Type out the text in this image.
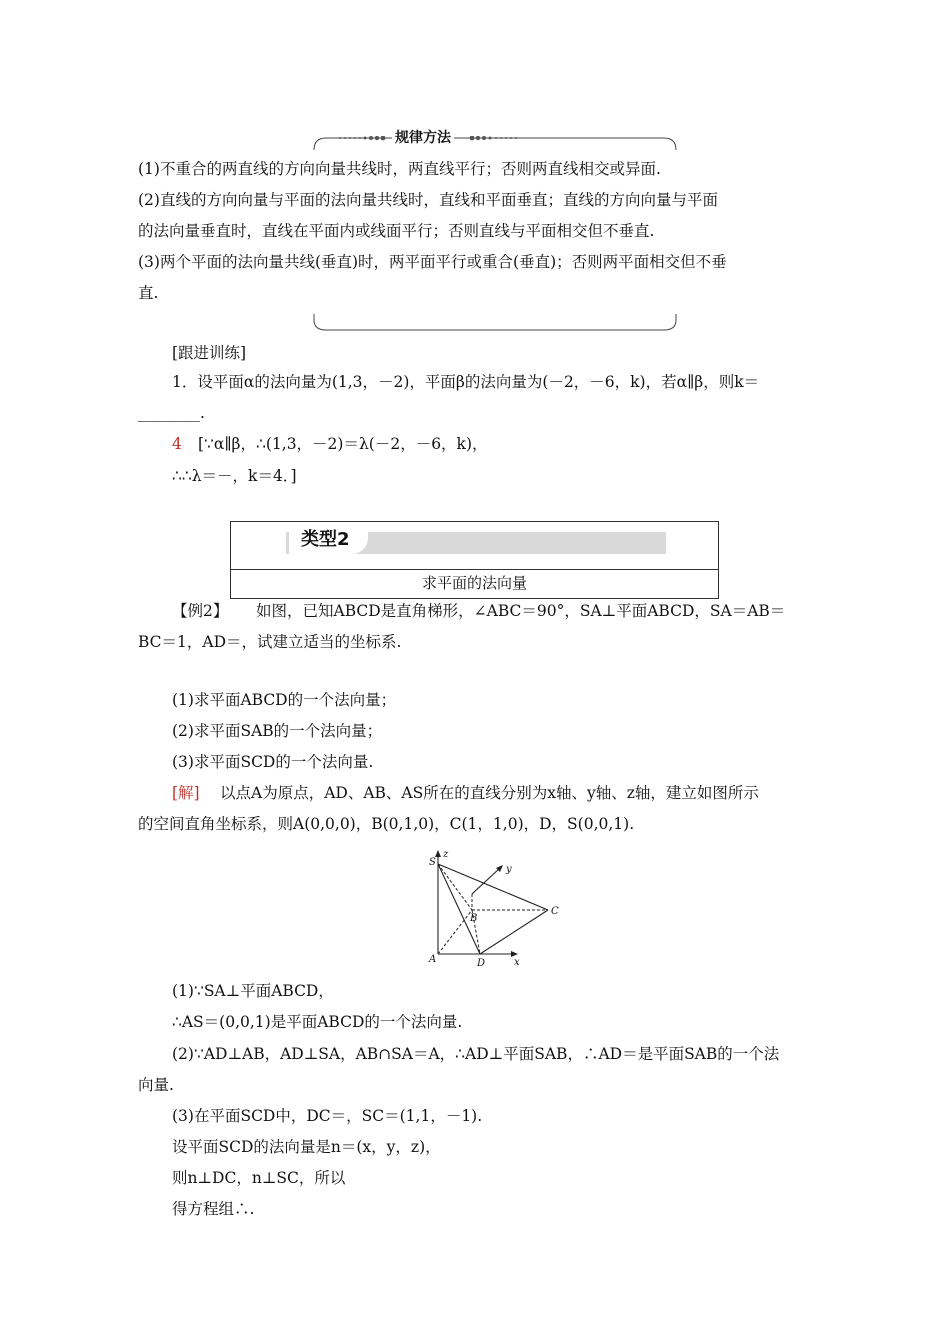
规律方法
(1)不重合的两直线的方向向量共线时，两直线平行；否则两直线相交或异面.
(2)直线的方向向量与平面的法向量共线时，直线和平面垂直；直线的方向向量与平面
的法向量垂直时，直线在平面内或线面平行；否则直线与平面相交但不垂直.
(3)两个平面的法向量共线(垂直)时，两平面平行或重合(垂直)；否则两平面相交但不垂
直.
[跟进训练]
1．设平面α的法向量为(1,3，－2)，平面β的法向量为(－2，－6，k)，若α∥β，则k＝
________.
4	[∵α∥β，∴(1,3，－2)＝λ(－2，－6，k)，
∴∴λ＝－，k＝4．]
类型2
求平面的法向量
【例2】	如图，已知ABCD是直角梯形，∠ABC＝90°，SA⊥平面ABCD，SA＝AB＝
BC＝1，AD＝，试建立适当的坐标系.
(1)求平面ABCD的一个法向量；
(2)求平面SAB的一个法向量；
(3)求平面SCD的一个法向量.
[解]	以点A为原点，AD、AB、AS所在的直线分别为x轴、y轴、z轴，建立如图所示
的空间直角坐标系，则A(0,0,0)，B(0,1,0)，C(1，1,0)，D，S(0,0,1).
S
z
y
B
C
A	D	x
(1)∵SA⊥平面ABCD，
∴AS＝(0,0,1)是平面ABCD的一个法向量.
(2)∵AD⊥AB，AD⊥SA，AB∩SA＝A，∴AD⊥平面SAB，∴AD＝是平面SAB的一个法
向量.
(3)在平面SCD中，DC＝，SC＝(1,1，－1).
设平面SCD的法向量是n＝(x，y，z)，
则n⊥DC，n⊥SC，所以
得方程组∴.
